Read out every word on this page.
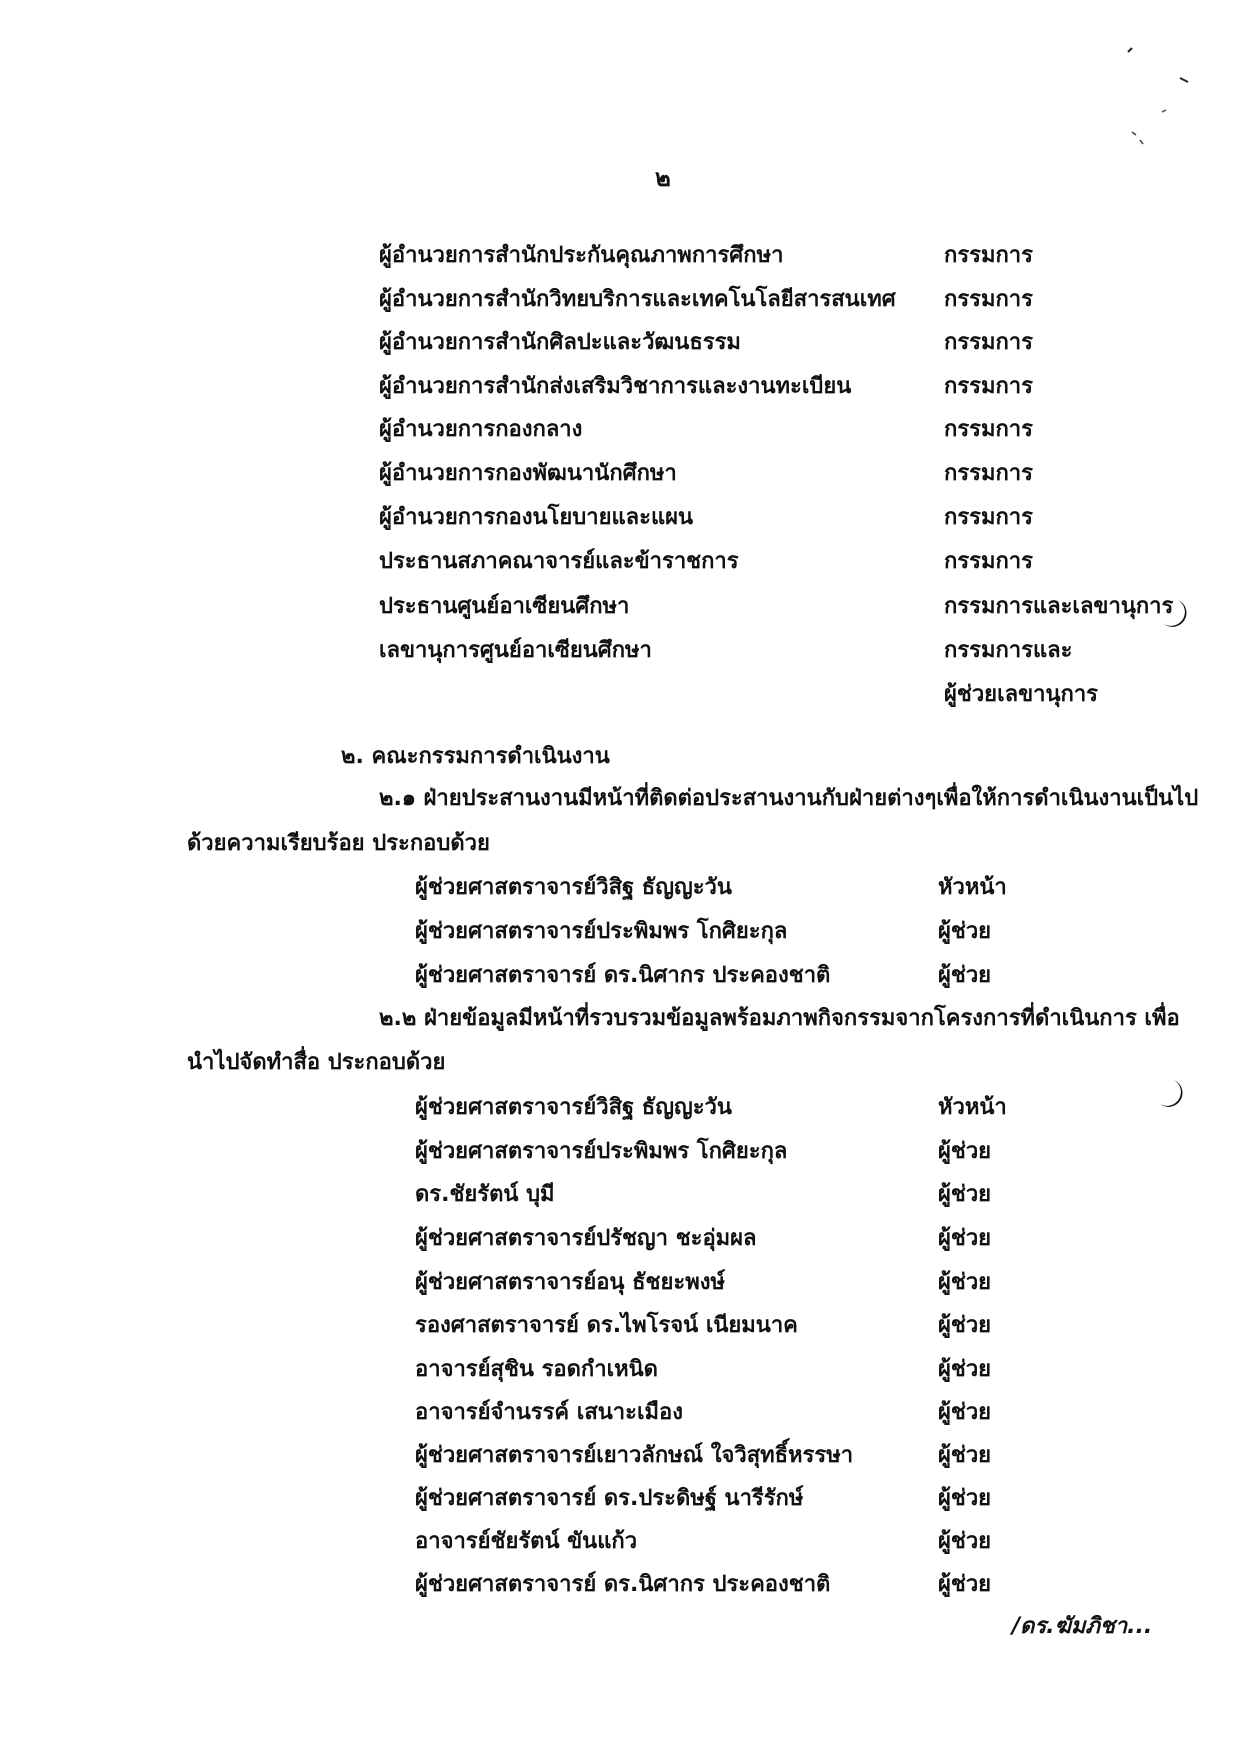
๒
ผู้อำนวยการสำนักประกันคุณภาพการศึกษา	กรรมการ
ผู้อำนวยการสำนักวิทยบริการและเทคโนโลยีสารสนเทศ กรรมการ
ผู้อำนวยการสำนักศิลปะและวัฒนธรรม	กรรมการ
ผู้อำนวยการสำนักส่งเสริมวิชาการและงานทะเบียน	กรรมการ
ผู้อำนวยการกองกลาง	กรรมการ
ผู้อำนวยการกองพัฒนานักศึกษา	กรรมการ
ผู้อำนวยการกองนโยบายและแผน	กรรมการ
ประธานสภาคณาจารย์และข้าราชการ	กรรมการ
ประธานศูนย์อาเซียนศึกษา	กรรมการและเลขานุการ
เลขานุการศูนย์อาเซียนศึกษา	กรรมการและ
ผู้ช่วยเลขานุการ
๒. คณะกรรมการดำเนินงาน
๒.๑ ฝ่ายประสานงานมีหน้าที่ติดต่อประสานงานกับฝ่ายต่างๆเพื่อให้การดำเนินงานเป็นไป
ด้วยความเรียบร้อย ประกอบด้วย
ผู้ช่วยศาสตราจารย์วิสิฐ ธัญญะวัน	หัวหน้า
ผู้ช่วยศาสตราจารย์ประพิมพร โกศิยะกุล	ผู้ช่วย
ผู้ช่วยศาสตราจารย์ ดร.นิศากร ประคองชาติ	ผู้ช่วย
๒.๒ ฝ่ายข้อมูลมีหน้าที่รวบรวมข้อมูลพร้อมภาพกิจกรรมจากโครงการที่ดำเนินการ เพื่อ
นำไปจัดทำสื่อ ประกอบด้วย
ผู้ช่วยศาสตราจารย์วิสิฐ ธัญญะวัน	หัวหน้า
ผู้ช่วยศาสตราจารย์ประพิมพร โกศิยะกุล	ผู้ช่วย
ดร.ชัยรัตน์ บุมี	ผู้ช่วย
ผู้ช่วยศาสตราจารย์ปรัชญา ชะอุ่มผล	ผู้ช่วย
ผู้ช่วยศาสตราจารย์อนุ ธัชยะพงษ์	ผู้ช่วย
รองศาสตราจารย์ ดร.ไพโรจน์ เนียมนาค	ผู้ช่วย
อาจารย์สุชิน รอดกำเหนิด	ผู้ช่วย
อาจารย์จำนรรค์ เสนาะเมือง	ผู้ช่วย
ผู้ช่วยศาสตราจารย์เยาวลักษณ์ ใจวิสุทธิ์หรรษา	ผู้ช่วย
ผู้ช่วยศาสตราจารย์ ดร.ประดิษฐ์ นารีรักษ์	ผู้ช่วย
อาจารย์ชัยรัตน์ ขันแก้ว	ผู้ช่วย
ผู้ช่วยศาสตราจารย์ ดร.นิศากร ประคองชาติ	ผู้ช่วย
/ดร.ฆัมภิชา...
